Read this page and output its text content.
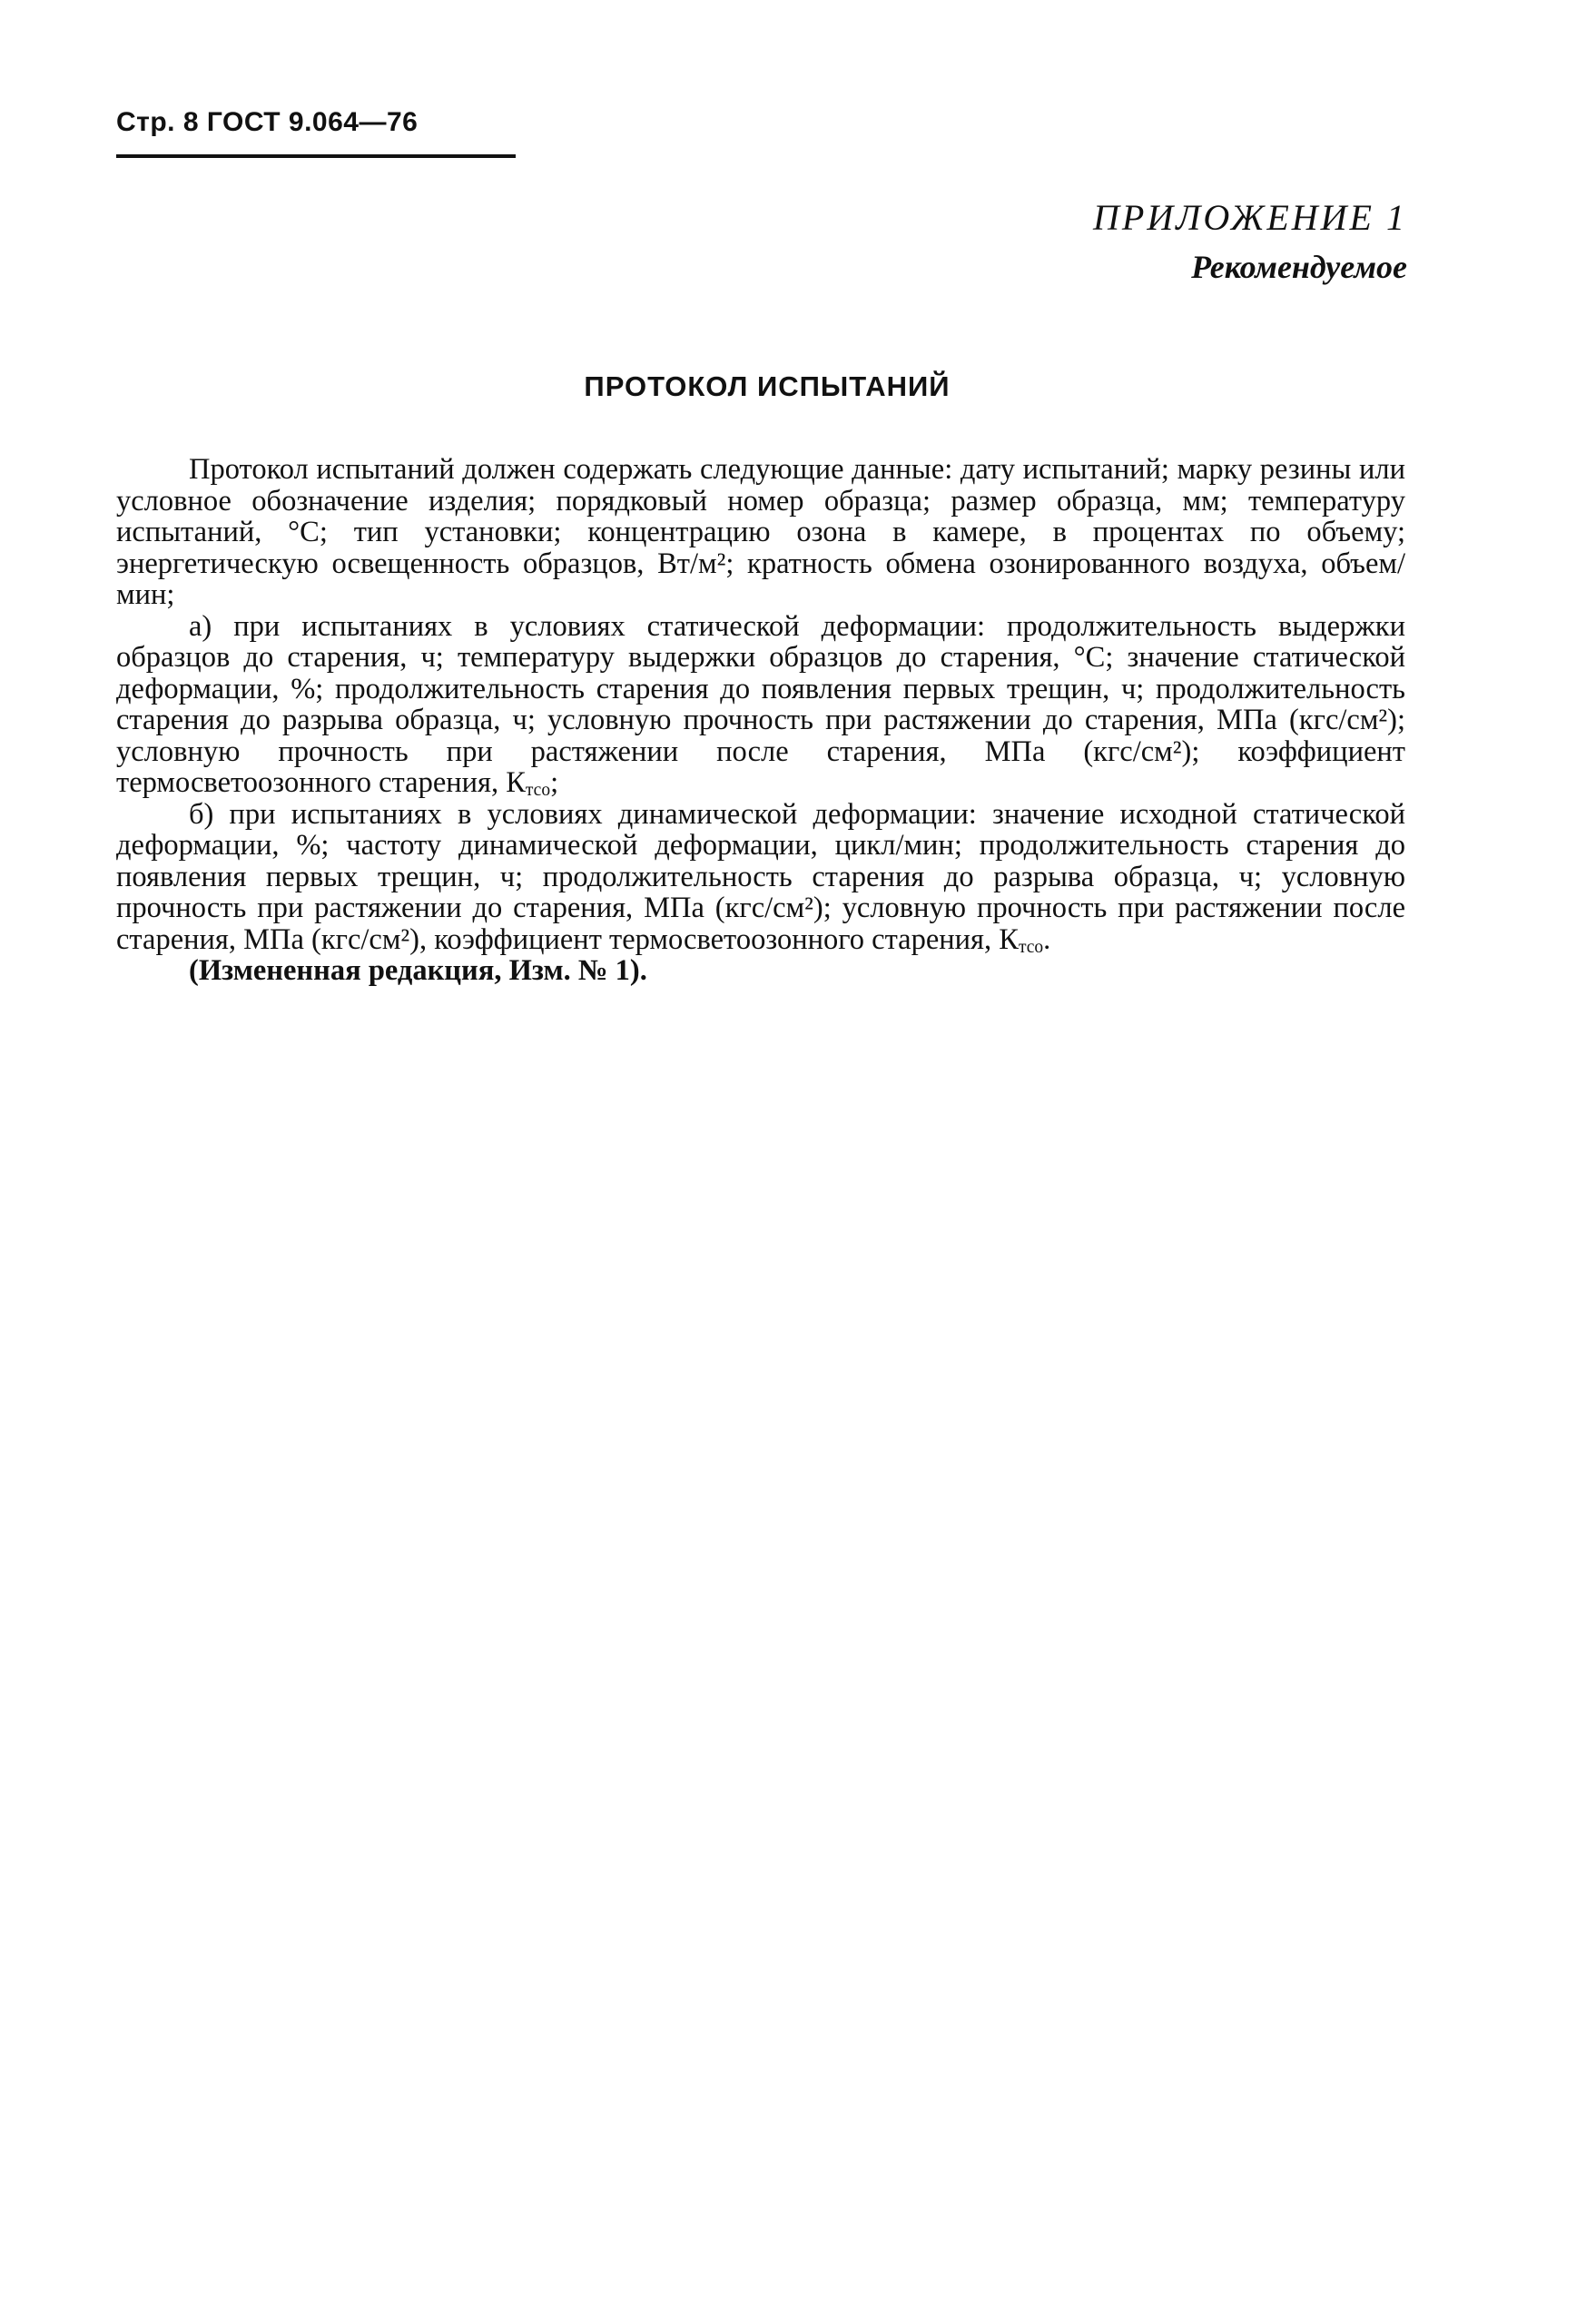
Стр. 8 ГОСТ 9.064—76
ПРИЛОЖЕНИЕ 1
Рекомендуемое
ПРОТОКОЛ ИСПЫТАНИЙ

Протокол испытаний должен содержать следующие данные: дату испытаний; марку резины или условное обозначение изделия; порядковый номер образца; размер образца, мм; температуру испытаний, °С; тип установки; концентрацию озона в камере, в процентах по объему; энергетическую освещенность образцов, Вт/м²; кратность обмена озонированного воздуха, объем/мин;

а) при испытаниях в условиях статической деформации: продолжительность выдержки образцов до старения, ч; температуру выдержки образцов до старения, °С; значение статической деформации, %; продолжительность старения до появления первых трещин, ч; продолжительность старения до разрыва образца, ч; условную прочность при растяжении до старения, МПа (кгс/см²); условную прочность при растяжении после старения, МПа (кгс/см²); коэффициент термосветоозонного старения, $К_{тсо}$;

б) при испытаниях в условиях динамической деформации: значение исходной статической деформации, %; частоту динамической деформации, цикл/мин; продолжительность старения до появления первых трещин, ч; продолжительность старения до разрыва образца, ч; условную прочность при растяжении до старения, МПа (кгс/см²); условную прочность при растяжении после старения, МПа (кгс/см²), коэффициент термосветоозонного старения, $К_{тсо}$.

(Измененная редакция, Изм. № 1).
